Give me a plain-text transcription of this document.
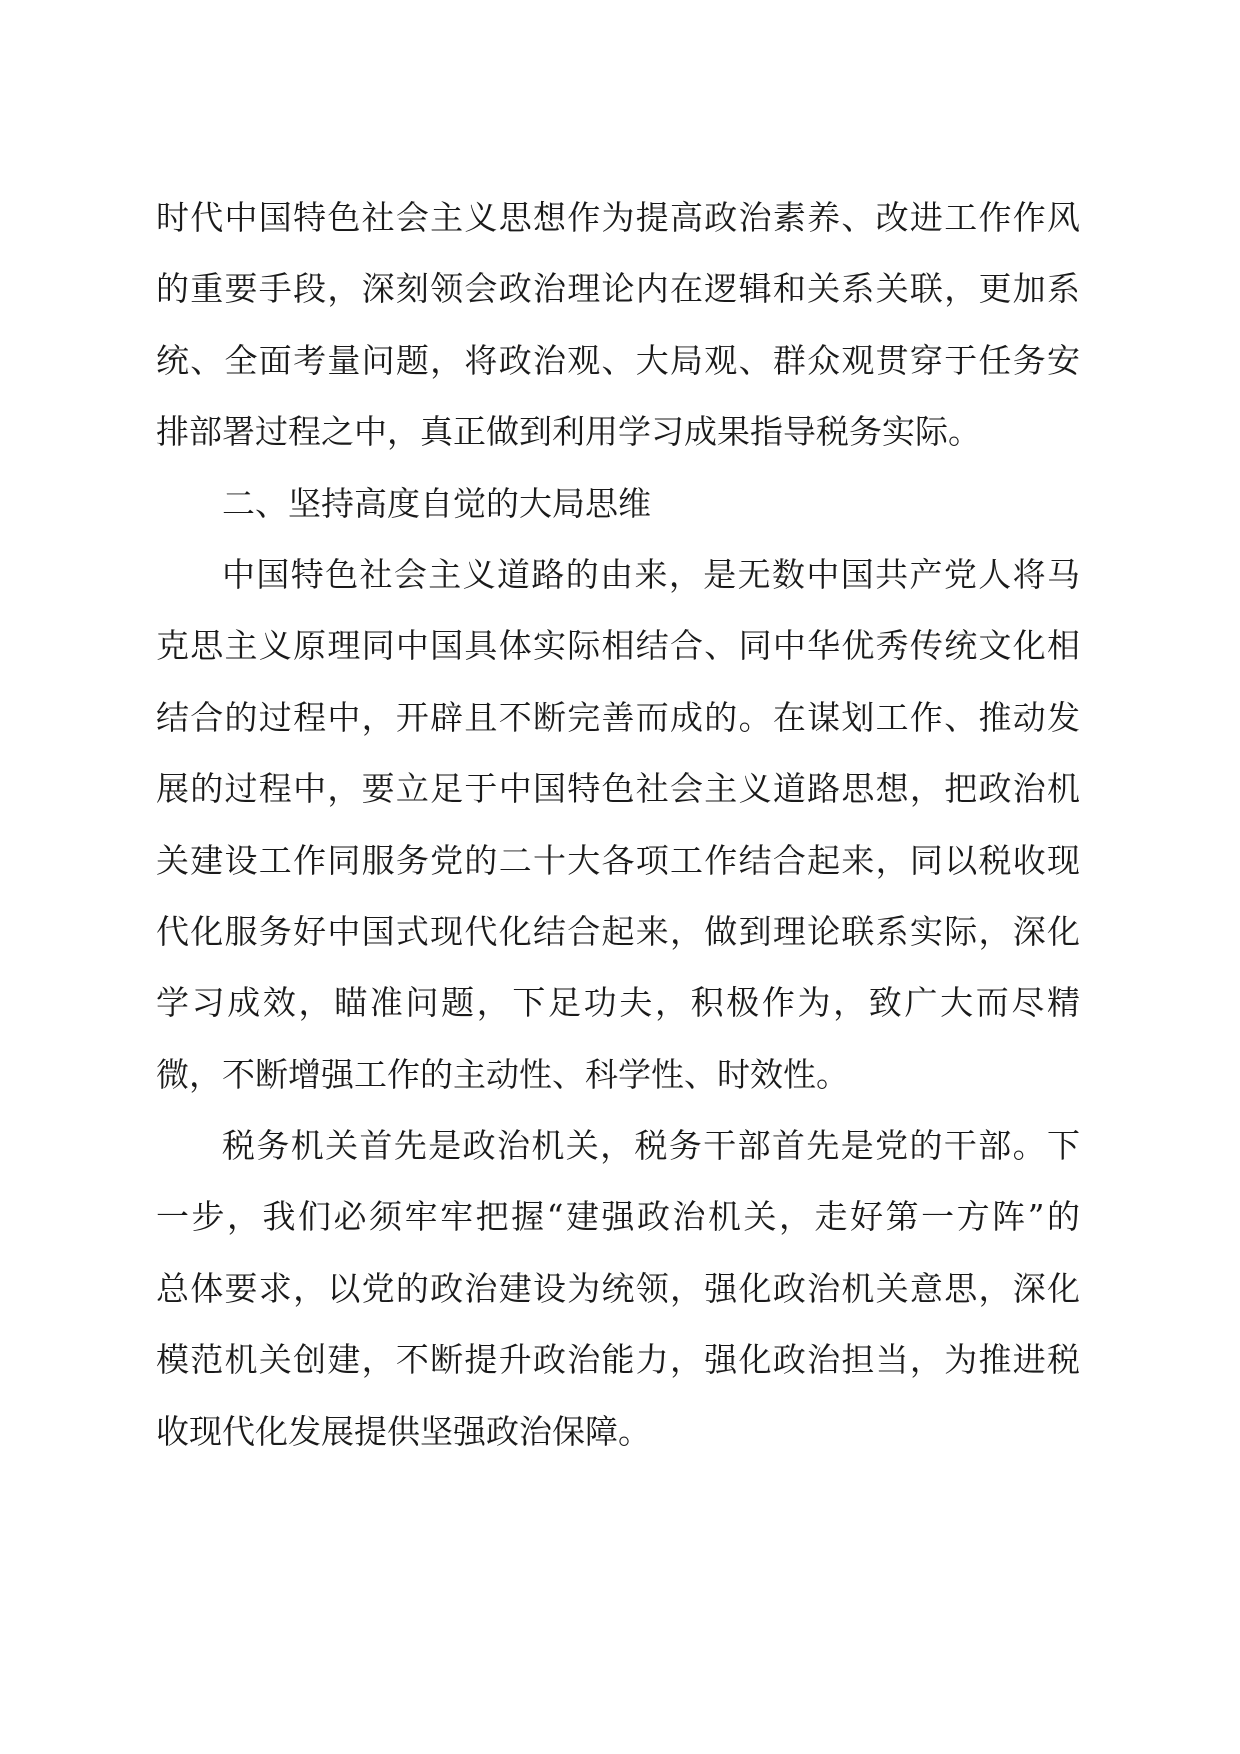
时代中国特色社会主义思想作为提高政治素养、改进工作作风
的重要手段，深刻领会政治理论内在逻辑和关系关联，更加系
统、全面考量问题，将政治观、大局观、群众观贯穿于任务安
排部署过程之中，真正做到利用学习成果指导税务实际。
二、坚持高度自觉的大局思维
中国特色社会主义道路的由来，是无数中国共产党人将马
克思主义原理同中国具体实际相结合、同中华优秀传统文化相
结合的过程中，开辟且不断完善而成的。在谋划工作、推动发
展的过程中，要立足于中国特色社会主义道路思想，把政治机
关建设工作同服务党的二十大各项工作结合起来，同以税收现
代化服务好中国式现代化结合起来，做到理论联系实际，深化
学习成效，瞄准问题，下足功夫，积极作为，致广大而尽精
微，不断增强工作的主动性、科学性、时效性。
税务机关首先是政治机关，税务干部首先是党的干部。下
一步，我们必须牢牢把握“建强政治机关，走好第一方阵”的
总体要求，以党的政治建设为统领，强化政治机关意思，深化
模范机关创建，不断提升政治能力，强化政治担当，为推进税
收现代化发展提供坚强政治保障。
